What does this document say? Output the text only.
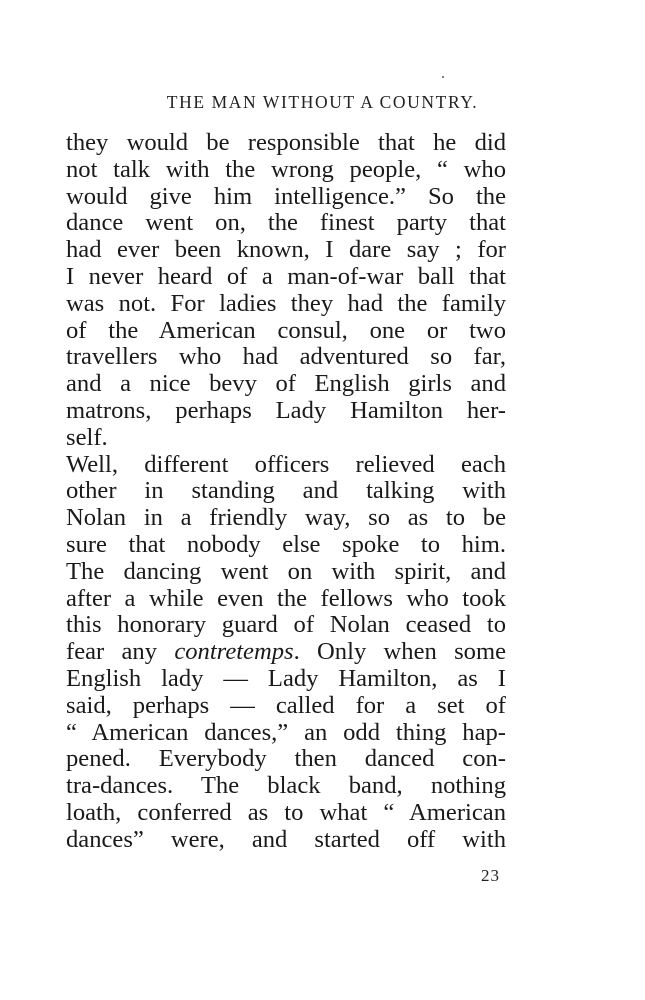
THE MAN WITHOUT A COUNTRY.
they would be responsible that he did
not talk with the wrong people, “ who
would give him intelligence.” So the
dance went on, the finest party that
had ever been known, I dare say ; for
I never heard of a man-of-war ball that
was not. For ladies they had the family
of the American consul, one or two
travellers who had adventured so far,
and a nice bevy of English girls and
matrons, perhaps Lady Hamilton her-
self.
Well, different officers relieved each
other in standing and talking with
Nolan in a friendly way, so as to be
sure that nobody else spoke to him.
The dancing went on with spirit, and
after a while even the fellows who took
this honorary guard of Nolan ceased to
fear any contretemps. Only when some
English lady — Lady Hamilton, as I
said, perhaps — called for a set of
“ American dances,” an odd thing hap-
pened. Everybody then danced con-
tra-dances. The black band, nothing
loath, conferred as to what “ American
dances” were, and started off with
23
